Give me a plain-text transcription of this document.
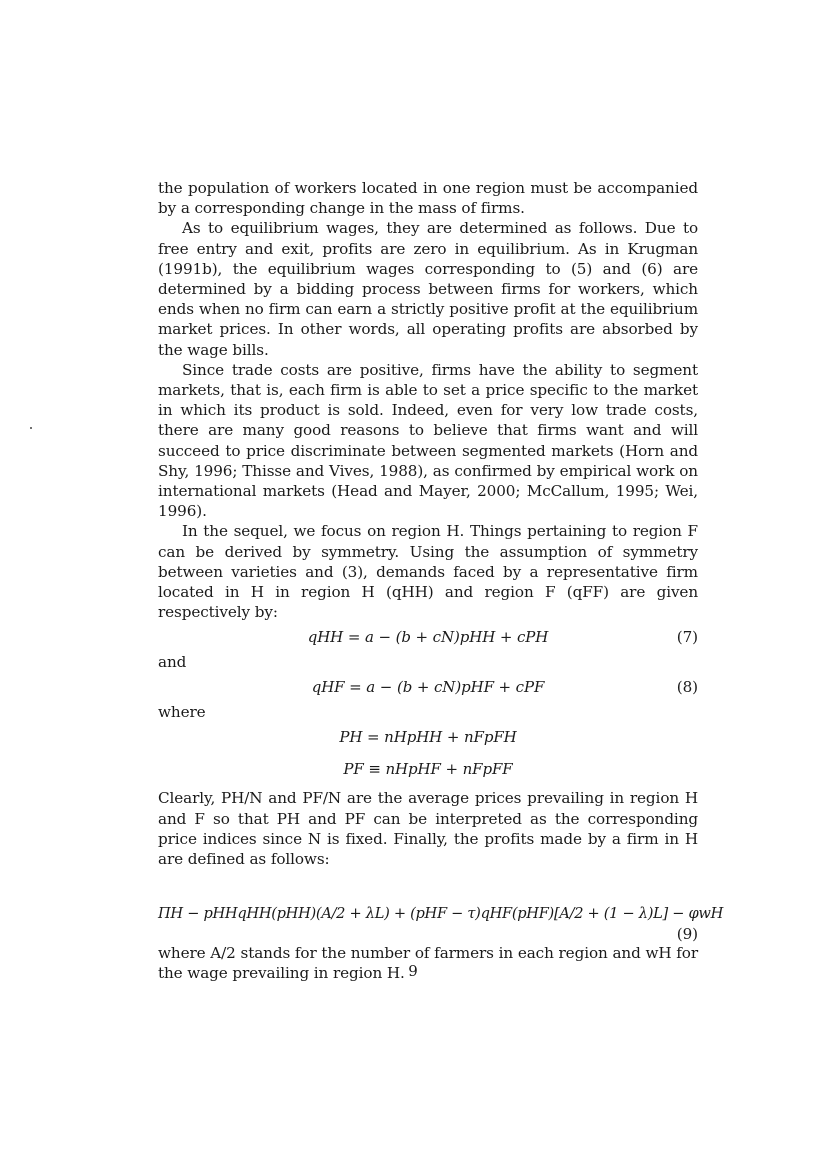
the population of workers located in one region must be accompanied by a corresponding change in the mass of firms.

As to equilibrium wages, they are determined as follows. Due to free entry and exit, profits are zero in equilibrium. As in Krugman (1991b), the equilibrium wages corresponding to (5) and (6) are determined by a bidding process between firms for workers, which ends when no firm can earn a strictly positive profit at the equilibrium market prices. In other words, all operating profits are absorbed by the wage bills.

Since trade costs are positive, firms have the ability to segment markets, that is, each firm is able to set a price specific to the market in which its product is sold. Indeed, even for very low trade costs, there are many good reasons to believe that firms want and will succeed to price discriminate between segmented markets (Horn and Shy, 1996; Thisse and Vives, 1988), as confirmed by empirical work on international markets (Head and Mayer, 2000; McCallum, 1995; Wei, 1996).

In the sequel, we focus on region H. Things pertaining to region F can be derived by symmetry. Using the assumption of symmetry between varieties and (3), demands faced by a representative firm located in H in region H (qHH) and region F (qFF) are given respectively by:

qHH = a − (b + cN)pHH + cPH	(7)
and
qHF = a − (b + cN)pHF + cPF	(8)
where
PH = nHpHH + nFpFH
PF ≡ nHpHF + nFpFF

Clearly, PH/N and PF/N are the average prices prevailing in region H and F so that PH and PF can be interpreted as the corresponding price indices since N is fixed. Finally, the profits made by a firm in H are defined as follows:

ΠH − pHHqHH(pHH)(A/2 + λL) + (pHF − τ)qHF(pHF)[A/2 + (1 − λ)L] − φwH
(9)

where A/2 stands for the number of farmers in each region and wH for the wage prevailing in region H. 9
